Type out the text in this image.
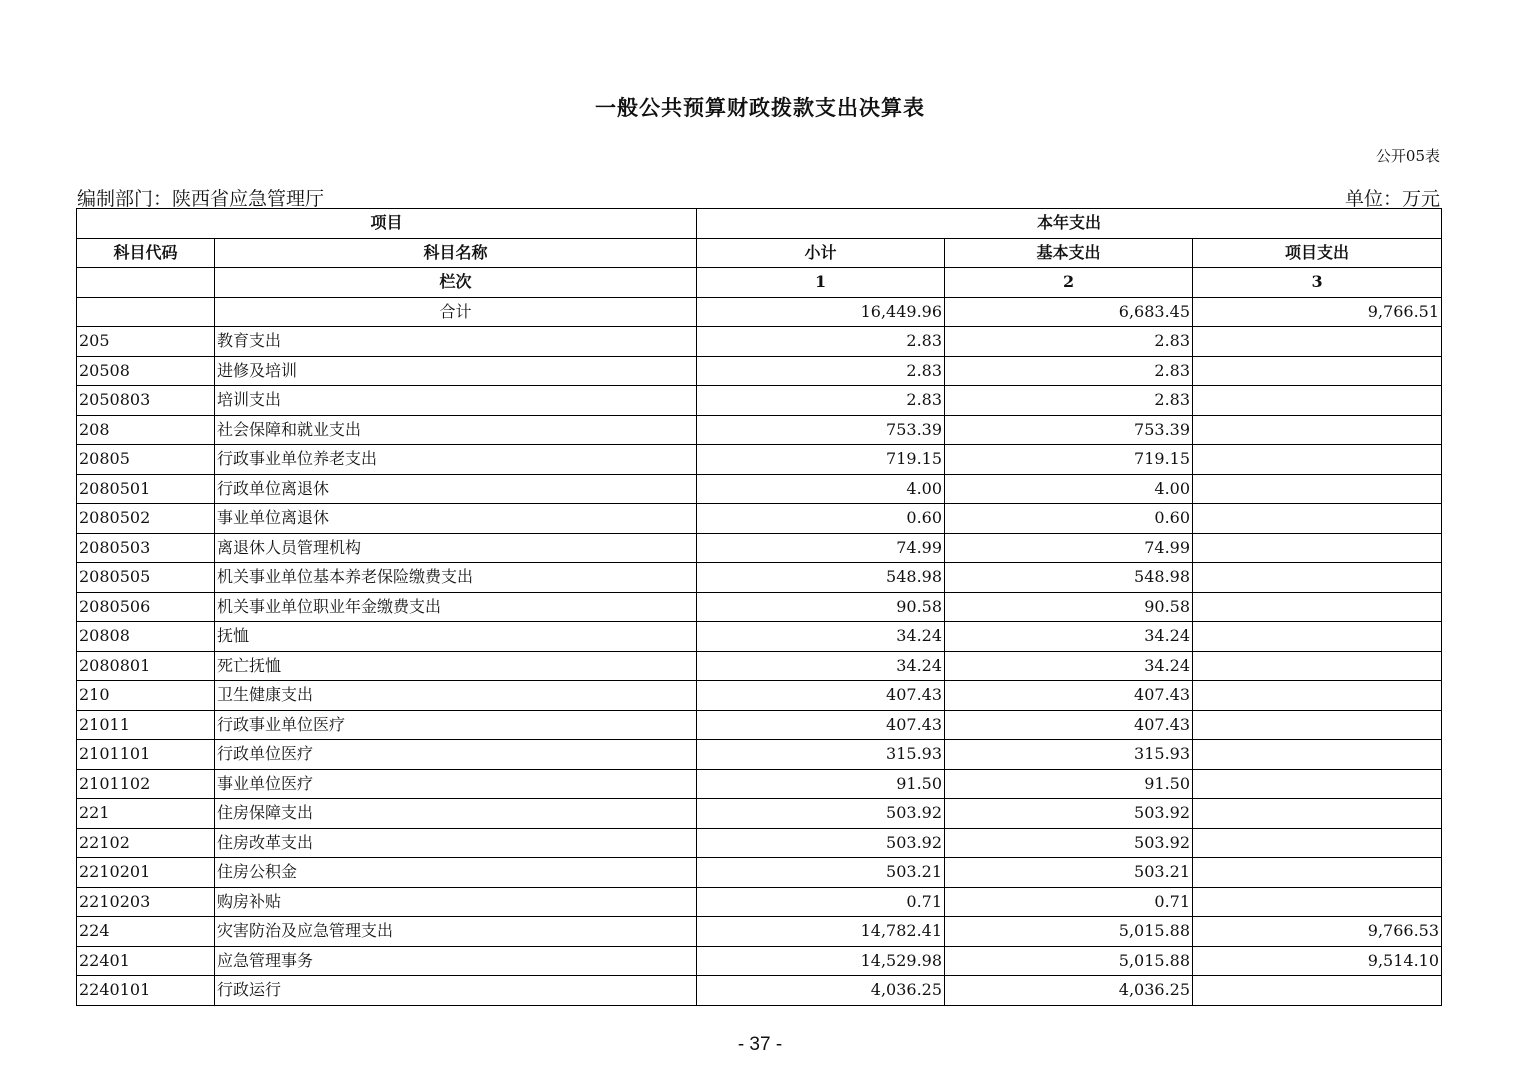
一般公共预算财政拨款支出决算表
公开05表
编制部门：陕西省应急管理厅	单位：万元
项目		本年支出		
科目代码	科目名称	小计	基本支出	项目支出
	栏次	1	2	3
	合计	16,449.96	6,683.45	9,766.51
205	教育支出	2.83	2.83	
20508	进修及培训	2.83	2.83	
2050803	培训支出	2.83	2.83	
208	社会保障和就业支出	753.39	753.39	
20805	行政事业单位养老支出	719.15	719.15	
2080501	行政单位离退休	4.00	4.00	
2080502	事业单位离退休	0.60	0.60	
2080503	离退休人员管理机构	74.99	74.99	
2080505	机关事业单位基本养老保险缴费支出	548.98	548.98	
2080506	机关事业单位职业年金缴费支出	90.58	90.58	
20808	抚恤	34.24	34.24	
2080801	死亡抚恤	34.24	34.24	
210	卫生健康支出	407.43	407.43	
21011	行政事业单位医疗	407.43	407.43	
2101101	行政单位医疗	315.93	315.93	
2101102	事业单位医疗	91.50	91.50	
221	住房保障支出	503.92	503.92	
22102	住房改革支出	503.92	503.92	
2210201	住房公积金	503.21	503.21	
2210203	购房补贴	0.71	0.71	
224	灾害防治及应急管理支出	14,782.41	5,015.88	9,766.53
22401	应急管理事务	14,529.98	5,015.88	9,514.10
2240101	行政运行	4,036.25	4,036.25	
- 37 -
